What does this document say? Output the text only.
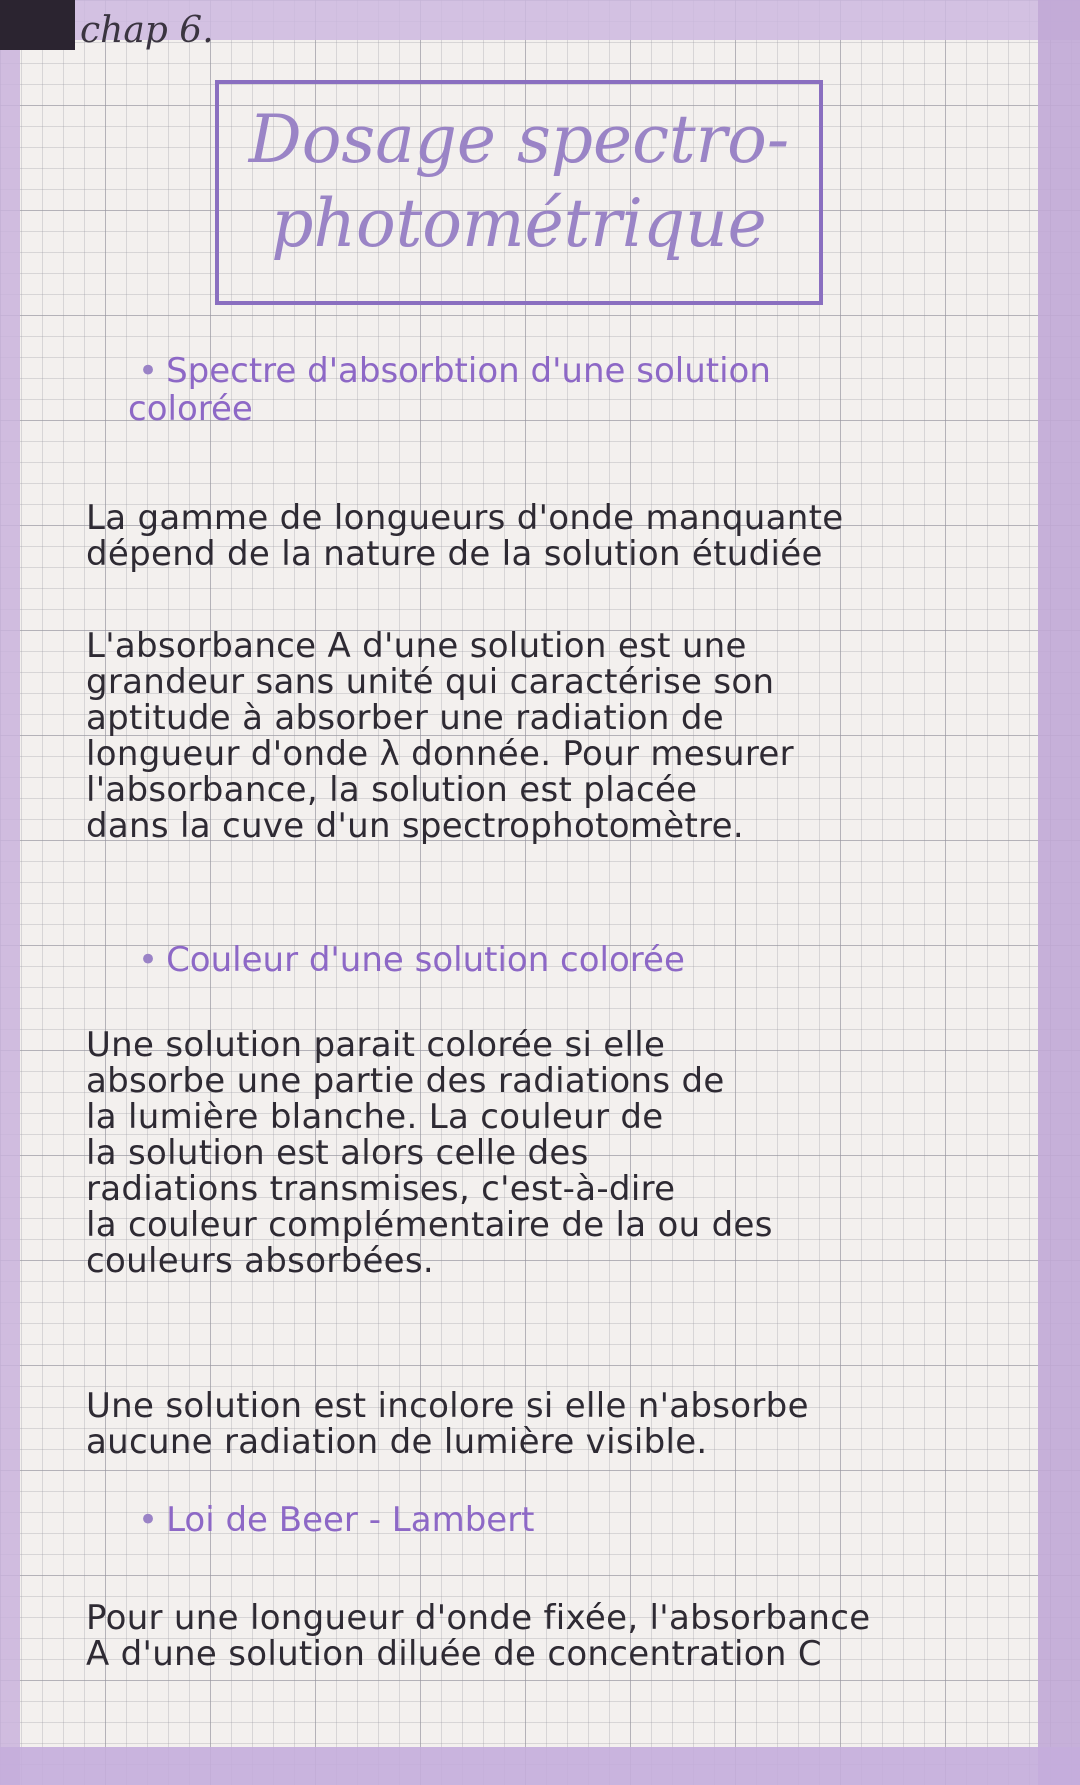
chap 6.
Dosage spectro-
photométrique
• Spectre d'absorbtion d'une solution
colorée
La gamme de longueurs d'onde manquante
dépend de la nature de la solution étudiée
L'absorbance A d'une solution est une
grandeur sans unité qui caractérise son
aptitude à absorber une radiation de
longueur d'onde λ donnée. Pour mesurer
l'absorbance, la solution est placée
dans la cuve d'un spectrophotomètre.
• Couleur d'une solution colorée
Une solution parait colorée si elle
absorbe une partie des radiations de
la lumière blanche. La couleur de
la solution est alors celle des
radiations transmises, c'est-à-dire
la couleur complémentaire de la ou des
couleurs absorbées.
Une solution est incolore si elle n'absorbe
aucune radiation de lumière visible.
• Loi de Beer - Lambert
Pour une longueur d'onde fixée, l'absorbance
A d'une solution diluée de concentration C
